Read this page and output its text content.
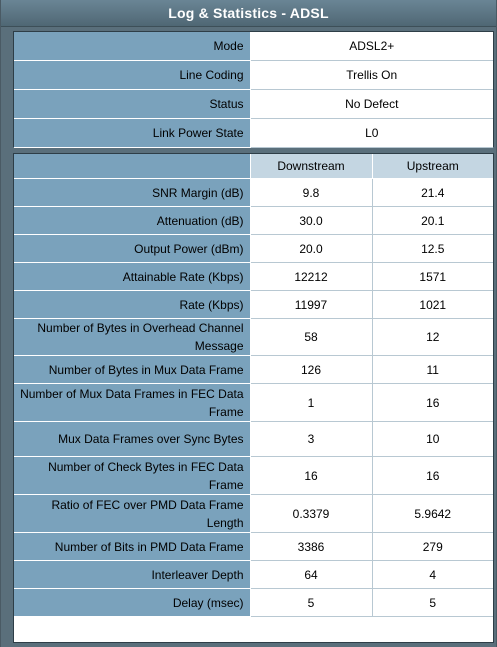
Log & Statistics - ADSL
Mode	ADSL2+
Line Coding	Trellis On
Status	No Defect
Link Power State	L0
	Downstream	Upstream
SNR Margin (dB)	9.8	21.4
Attenuation (dB)	30.0	20.1
Output Power (dBm)	20.0	12.5
Attainable Rate (Kbps)	12212	1571
Rate (Kbps)	11997	1021
Number of Bytes in Overhead Channel Message	58	12
Number of Bytes in Mux Data Frame	126	11
Number of Mux Data Frames in FEC Data Frame	1	16
Mux Data Frames over Sync Bytes	3	10
Number of Check Bytes in FEC Data Frame	16	16
Ratio of FEC over PMD Data Frame Length	0.3379	5.9642
Number of Bits in PMD Data Frame	3386	279
Interleaver Depth	64	4
Delay (msec)	5	5
